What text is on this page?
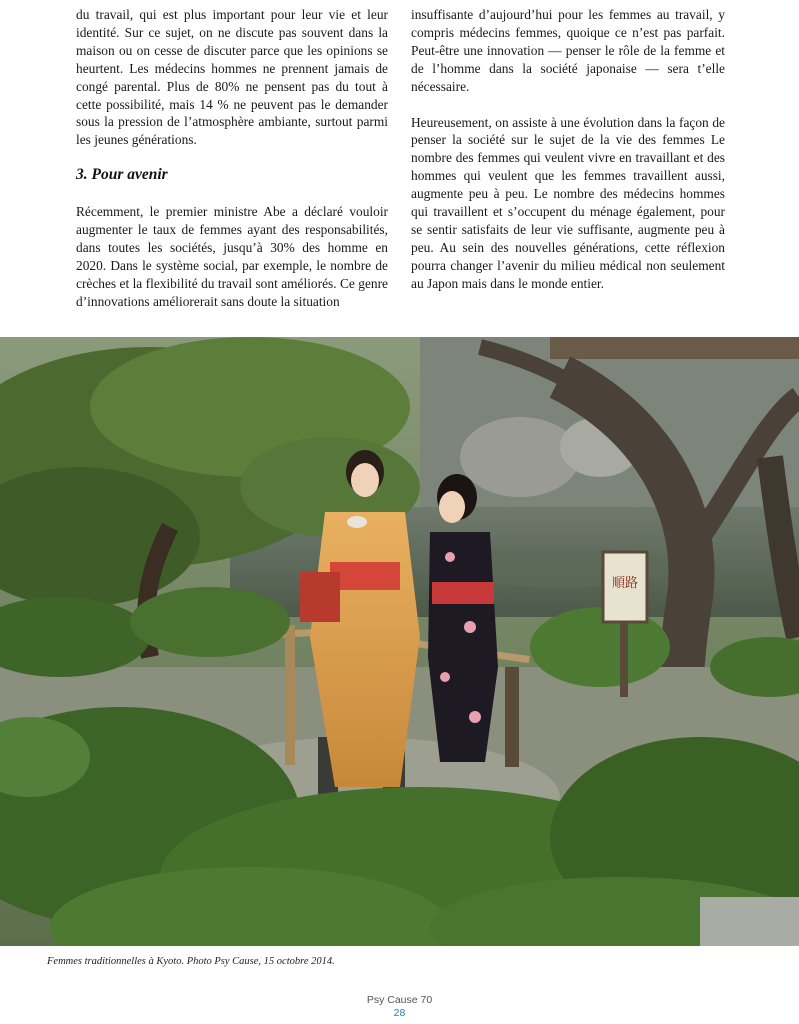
du travail, qui est plus important pour leur vie et leur identité. Sur ce sujet, on ne discute pas souvent dans la maison ou on cesse de discuter parce que les opinions se heurtent. Les médecins hommes ne prennent jamais de congé parental. Plus de 80% ne pensent pas du tout à cette possibilité, mais 14 % ne peuvent pas le demander sous la pression de l’atmosphère ambiante, surtout parmi les jeunes générations.

3. Pour avenir

Récemment, le premier ministre Abe a déclaré vouloir augmenter le taux de femmes ayant des responsabilités, dans toutes les sociétés, jusqu’à 30% des homme en 2020. Dans le système social, par exemple, le nombre de crèches et la flexibilité du travail sont améliorés. Ce genre d’innovations améliorerait sans doute la situation

insuffisante d’aujourd’hui pour les femmes au travail, y compris médecins femmes, quoique ce n’est pas parfait. Peut-être une innovation — penser le rôle de la femme et de l’homme dans la société japonaise — sera t’elle nécessaire.

Heureusement, on assiste à une évolution dans la façon de penser la société sur le sujet de la vie des femmes Le nombre des femmes qui veulent vivre en travaillant et des hommes qui veulent que les femmes travaillent aussi, augmente peu à peu. Le nombre des médecins hommes qui travaillent et s’occupent du ménage également, pour se sentir satisfaits de leur vie suffisante, augmente peu à peu. Au sein des nouvelles générations, cette réflexion pourra changer l’avenir du milieu médical non seulement au Japon mais dans le monde entier.

順路
Femmes traditionnelles à Kyoto. Photo Psy Cause, 15 octobre 2014.
Psy Cause 70
28
